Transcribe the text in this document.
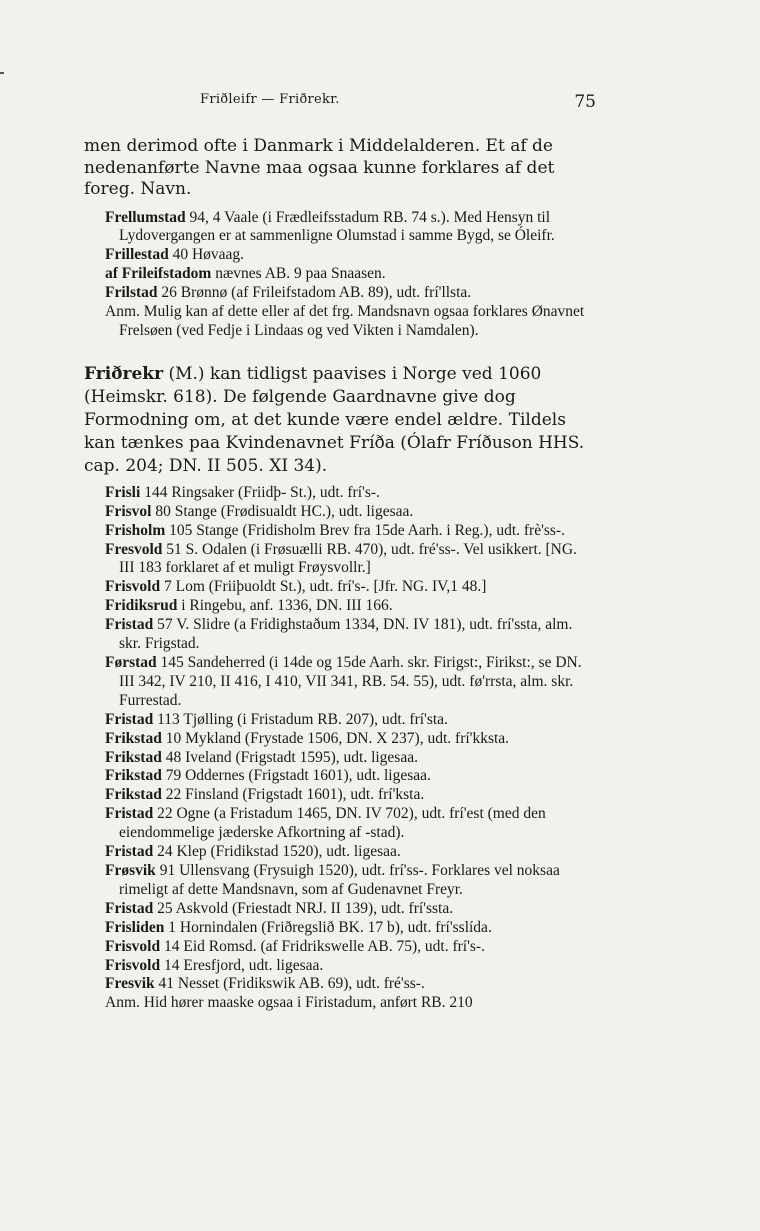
Friðleifr — Friðrekr.	75

men derimod ofte i Danmark i Middelalderen. Et af de nedenanførte Navne maa ogsaa kunne forklares af det foreg. Navn.

Frellumstad 94, 4 Vaale (i Frædleifsstadum RB. 74 s.). Med Hensyn til Lydovergangen er at sammenligne Olumstad i samme Bygd, se Óleifr.

Frillestad 40 Høvaag.

af Frileifstadom nævnes AB. 9 paa Snaasen.

Frilstad 26 Brønnø (af Frileifstadom AB. 89), udt. frí'llsta.

Anm. Mulig kan af dette eller af det frg. Mandsnavn ogsaa forklares Ønavnet Frelsøen (ved Fedje i Lindaas og ved Vikten i Namdalen).

Friðrekr (M.) kan tidligst paavises i Norge ved 1060 (Heimskr. 618). De følgende Gaardnavne give dog Formodning om, at det kunde være endel ældre. Tildels kan tænkes paa Kvindenavnet Fríða (Ólafr Fríðuson HHS. cap. 204; DN. II 505. XI 34).

Frisli 144 Ringsaker (Friidþ- St.), udt. frí's-.

Frisvol 80 Stange (Frødisualdt HC.), udt. ligesaa.

Frisholm 105 Stange (Fridisholm Brev fra 15de Aarh. i Reg.), udt. frè'ss-.

Fresvold 51 S. Odalen (i Frøsuælli RB. 470), udt. fré'ss-. Vel usikkert. [NG. III 183 forklaret af et muligt Frøysvollr.]

Frisvold 7 Lom (Friiþuoldt St.), udt. frí's-. [Jfr. NG. IV,1 48.]

Fridiksrud i Ringebu, anf. 1336, DN. III 166.

Fristad 57 V. Slidre (a Fridighstaðum 1334, DN. IV 181), udt. frí'ssta, alm. skr. Frigstad.

Førstad 145 Sandeherred (i 14de og 15de Aarh. skr. Firigst:, Firikst:, se DN. III 342, IV 210, II 416, I 410, VII 341, RB. 54. 55), udt. fø'rrsta, alm. skr. Furrestad.

Fristad 113 Tjølling (i Fristadum RB. 207), udt. frí'sta.

Frikstad 10 Mykland (Frystade 1506, DN. X 237), udt. frí'kksta.

Frikstad 48 Iveland (Frigstadt 1595), udt. ligesaa.

Frikstad 79 Oddernes (Frigstadt 1601), udt. ligesaa.

Frikstad 22 Finsland (Frigstadt 1601), udt. frí'ksta.

Fristad 22 Ogne (a Fristadum 1465, DN. IV 702), udt. frí'est (med den eiendommelige jæderske Afkortning af -stad).

Fristad 24 Klep (Fridikstad 1520), udt. ligesaa.

Frøsvik 91 Ullensvang (Frysuigh 1520), udt. frí'ss-. Forklares vel noksaa rimeligt af dette Mandsnavn, som af Gudenavnet Freyr.

Fristad 25 Askvold (Friestadt NRJ. II 139), udt. frí'ssta.

Frisliden 1 Hornindalen (Friðregslið BK. 17 b), udt. frí'sslída.

Frisvold 14 Eid Romsd. (af Fridrikswelle AB. 75), udt. frí's-.

Frisvold 14 Eresfjord, udt. ligesaa.

Fresvik 41 Nesset (Fridikswik AB. 69), udt. fré'ss-.

Anm. Hid hører maaske ogsaa i Firistadum, anført RB. 210
